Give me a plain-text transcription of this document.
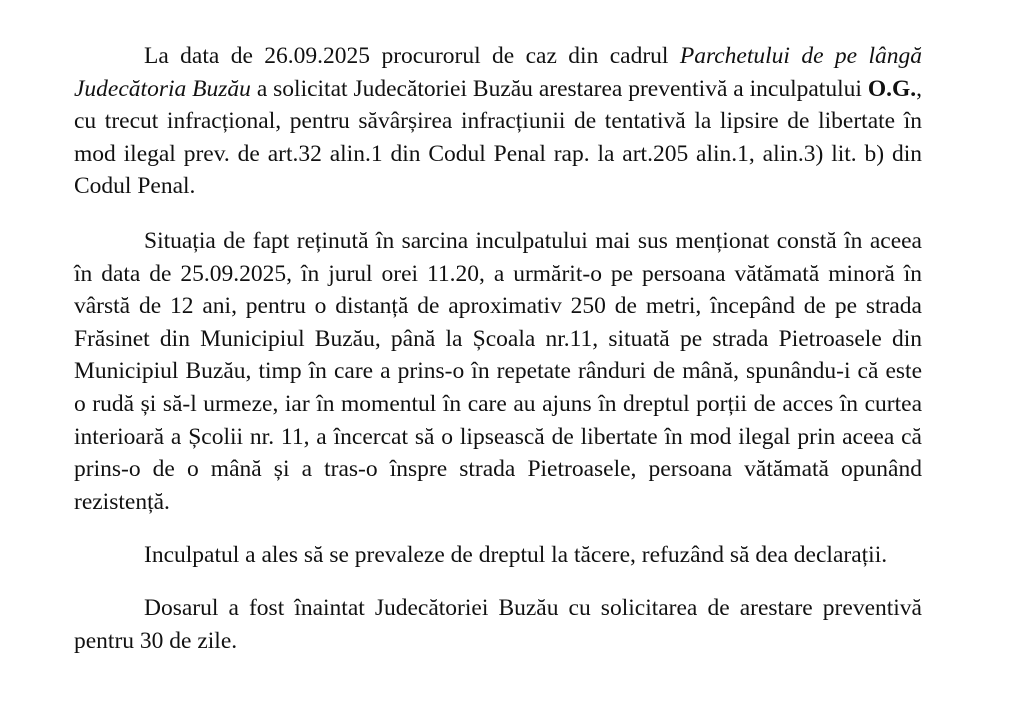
La data de 26.09.2025 procurorul de caz din cadrul Parchetului de pe lângă Judecătoria Buzău a solicitat Judecătoriei Buzău arestarea preventivă a inculpatului O.G., cu trecut infracțional, pentru săvârșirea infracțiunii de tentativă la lipsire de libertate în mod ilegal prev. de art.32 alin.1 din Codul Penal rap. la art.205 alin.1, alin.3) lit. b) din Codul Penal.

Situația de fapt reținută în sarcina inculpatului mai sus menționat constă în aceea în data de 25.09.2025, în jurul orei 11.20, a urmărit-o pe persoana vătămată minoră în vârstă de 12 ani, pentru o distanță de aproximativ 250 de metri, începând de pe strada Frăsinet din Municipiul Buzău, până la Școala nr.11, situată pe strada Pietroasele din Municipiul Buzău, timp în care a prins-o în repetate rânduri de mână, spunându-i că este o rudă și să-l urmeze, iar în momentul în care au ajuns în dreptul porții de acces în curtea interioară a Școlii nr. 11, a încercat să o lipsească de libertate în mod ilegal prin aceea că prins-o de o mână și a tras-o înspre strada Pietroasele, persoana vătămată opunând rezistență.

Inculpatul a ales să se prevaleze de dreptul la tăcere, refuzând să dea declarații.

Dosarul a fost înaintat Judecătoriei Buzău cu solicitarea de arestare preventivă pentru 30 de zile.
